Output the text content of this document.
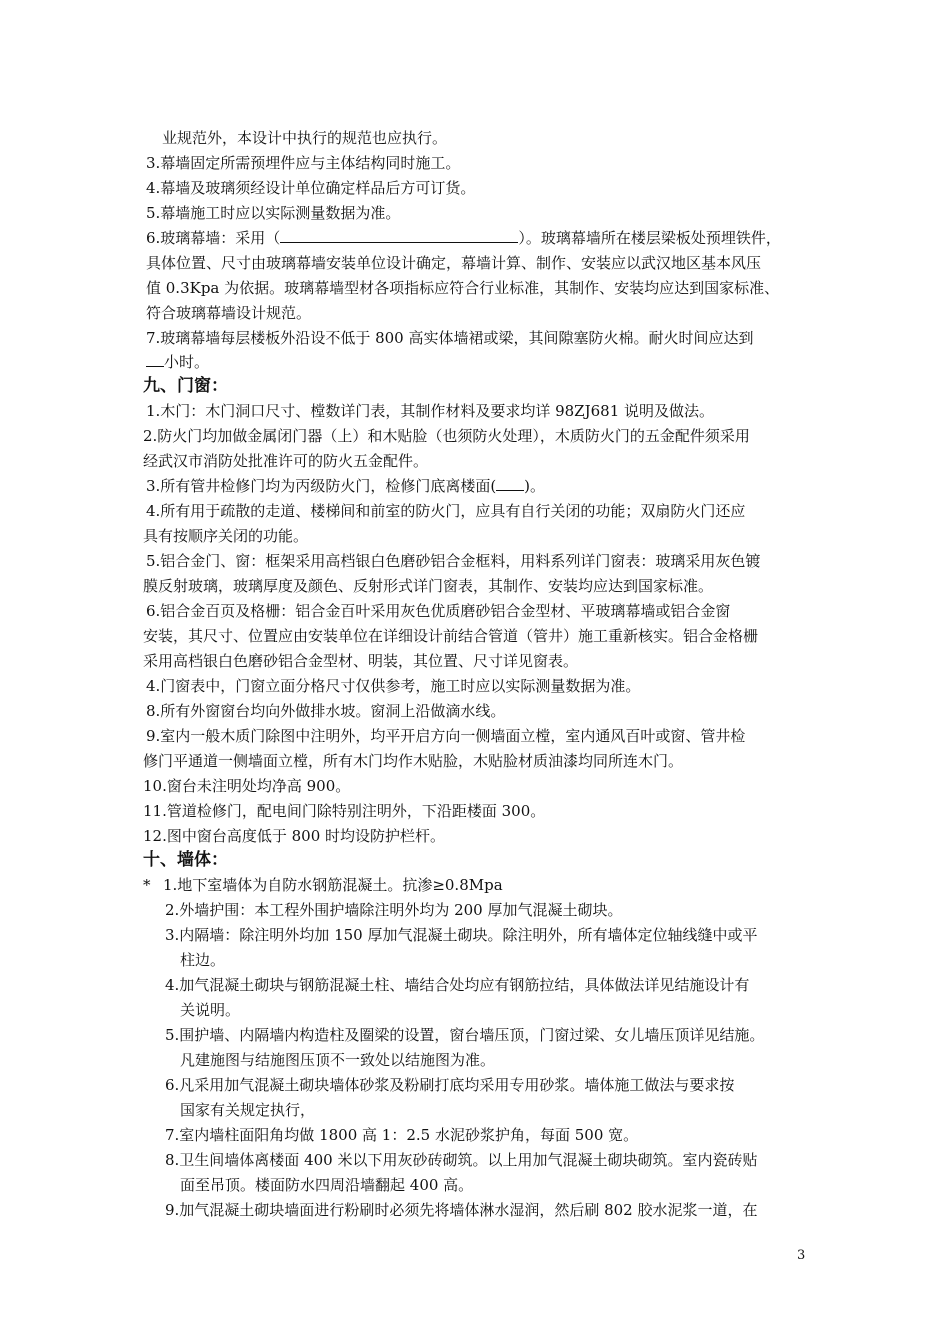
业规范外，本设计中执行的规范也应执行。
3.幕墙固定所需预埋件应与主体结构同时施工。
4.幕墙及玻璃须经设计单位确定样品后方可订货。
5.幕墙施工时应以实际测量数据为准。
6.玻璃幕墙：采用（	）。玻璃幕墙所在楼层梁板处预埋铁件，
具体位置、尺寸由玻璃幕墙安装单位设计确定，幕墙计算、制作、安装应以武汉地区基本风压
值 0.3Kpa 为依据。玻璃幕墙型材各项指标应符合行业标准，其制作、安装均应达到国家标准、
符合玻璃幕墙设计规范。
7.玻璃幕墙每层楼板外沿设不低于 800 高实体墙裙或梁，其间隙塞防火棉。耐火时间应达到
小时。
九、门窗：
1.木门：木门洞口尺寸、樘数详门表，其制作材料及要求均详 98ZJ681 说明及做法。
2.防火门均加做金属闭门器（上）和木贴脸（也须防火处理），木质防火门的五金配件须采用
经武汉市消防处批准许可的防火五金配件。
3.所有管井检修门均为丙级防火门，检修门底离楼面( )。
4.所有用于疏散的走道、楼梯间和前室的防火门，应具有自行关闭的功能；双扇防火门还应
具有按顺序关闭的功能。
5.铝合金门、窗：框架采用高档银白色磨砂铝合金框料，用料系列详门窗表：玻璃采用灰色镀
膜反射玻璃，玻璃厚度及颜色、反射形式详门窗表，其制作、安装均应达到国家标准。
6.铝合金百页及格栅：铝合金百叶采用灰色优质磨砂铝合金型材、平玻璃幕墙或铝合金窗
安装，其尺寸、位置应由安装单位在详细设计前结合管道（管井）施工重新核实。铝合金格栅
采用高档银白色磨砂铝合金型材、明装，其位置、尺寸详见窗表。
4.门窗表中，门窗立面分格尺寸仅供参考，施工时应以实际测量数据为准。
8.所有外窗窗台均向外做排水坡。窗洞上沿做滴水线。
9.室内一般木质门除图中注明外，均平开启方向一侧墙面立樘，室内通风百叶或窗、管井检
修门平通道一侧墙面立樘，所有木门均作木贴脸，木贴脸材质油漆均同所连木门。
10.窗台未注明处均净高 900。
11.管道检修门，配电间门除特别注明外，下沿距楼面 300。
12.图中窗台高度低于 800 时均设防护栏杆。
十、墙体：
* 1.地下室墙体为自防水钢筋混凝土。抗渗≥0.8Mpa
2.外墙护围：本工程外围护墙除注明外均为 200 厚加气混凝土砌块。
3.内隔墙：除注明外均加 150 厚加气混凝土砌块。除注明外，所有墙体定位轴线缝中或平
柱边。
4.加气混凝土砌块与钢筋混凝土柱、墙结合处均应有钢筋拉结，具体做法详见结施设计有
关说明。
5.围护墙、内隔墙内构造柱及圈梁的设置，窗台墙压顶，门窗过梁、女儿墙压顶详见结施。
凡建施图与结施图压顶不一致处以结施图为准。
6.凡采用加气混凝土砌块墙体砂浆及粉刷打底均采用专用砂浆。墙体施工做法与要求按
国家有关规定执行，
7.室内墙柱面阳角均做 1800 高 1：2.5 水泥砂浆护角，每面 500 宽。
8.卫生间墙体离楼面 400 米以下用灰砂砖砌筑。以上用加气混凝土砌块砌筑。室内瓷砖贴
面至吊顶。楼面防水四周沿墙翻起 400 高。
9.加气混凝土砌块墙面进行粉刷时必须先将墙体淋水湿润，然后刷 802 胶水泥浆一道，在
3
